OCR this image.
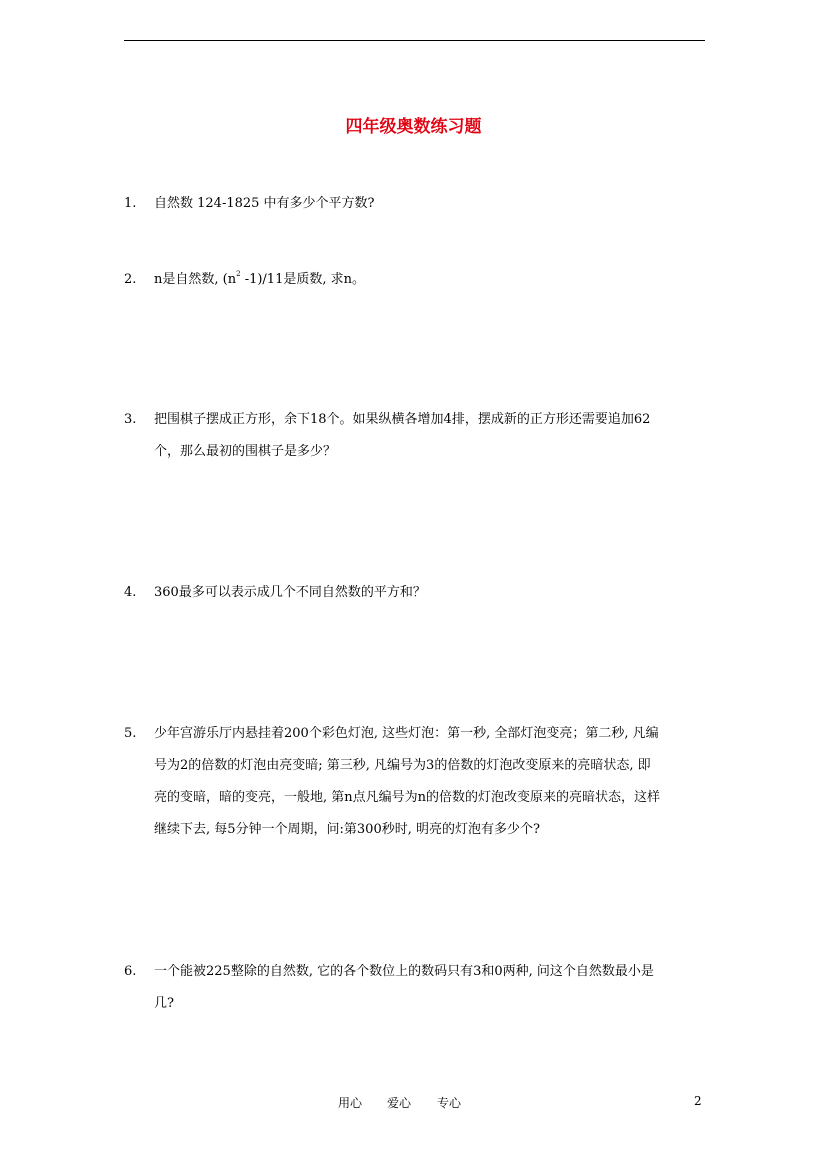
四年级奥数练习题
1. 自然数 124-1825 中有多少个平方数?
2. n是自然数, ($n^2$ -1)/11是质数, 求n。
3. 把围棋子摆成正方形，余下18个。如果纵横各增加4排，摆成新的正方形还需要追加62
个，那么最初的围棋子是多少？
4. 360最多可以表示成几个不同自然数的平方和？
5. 少年宫游乐厅内悬挂着200个彩色灯泡, 这些灯泡：第一秒, 全部灯泡变亮；第二秒, 凡编
号为2的倍数的灯泡由亮变暗; 第三秒, 凡编号为3的倍数的灯泡改变原来的亮暗状态, 即
亮的变暗，暗的变亮，一般地, 第n点凡编号为n的倍数的灯泡改变原来的亮暗状态，这样
继续下去, 每5分钟一个周期，问:第300秒时, 明亮的灯泡有多少个?
6. 一个能被225整除的自然数, 它的各个数位上的数码只有3和0两种, 问这个自然数最小是
几?
用心 爱心 专心	2
